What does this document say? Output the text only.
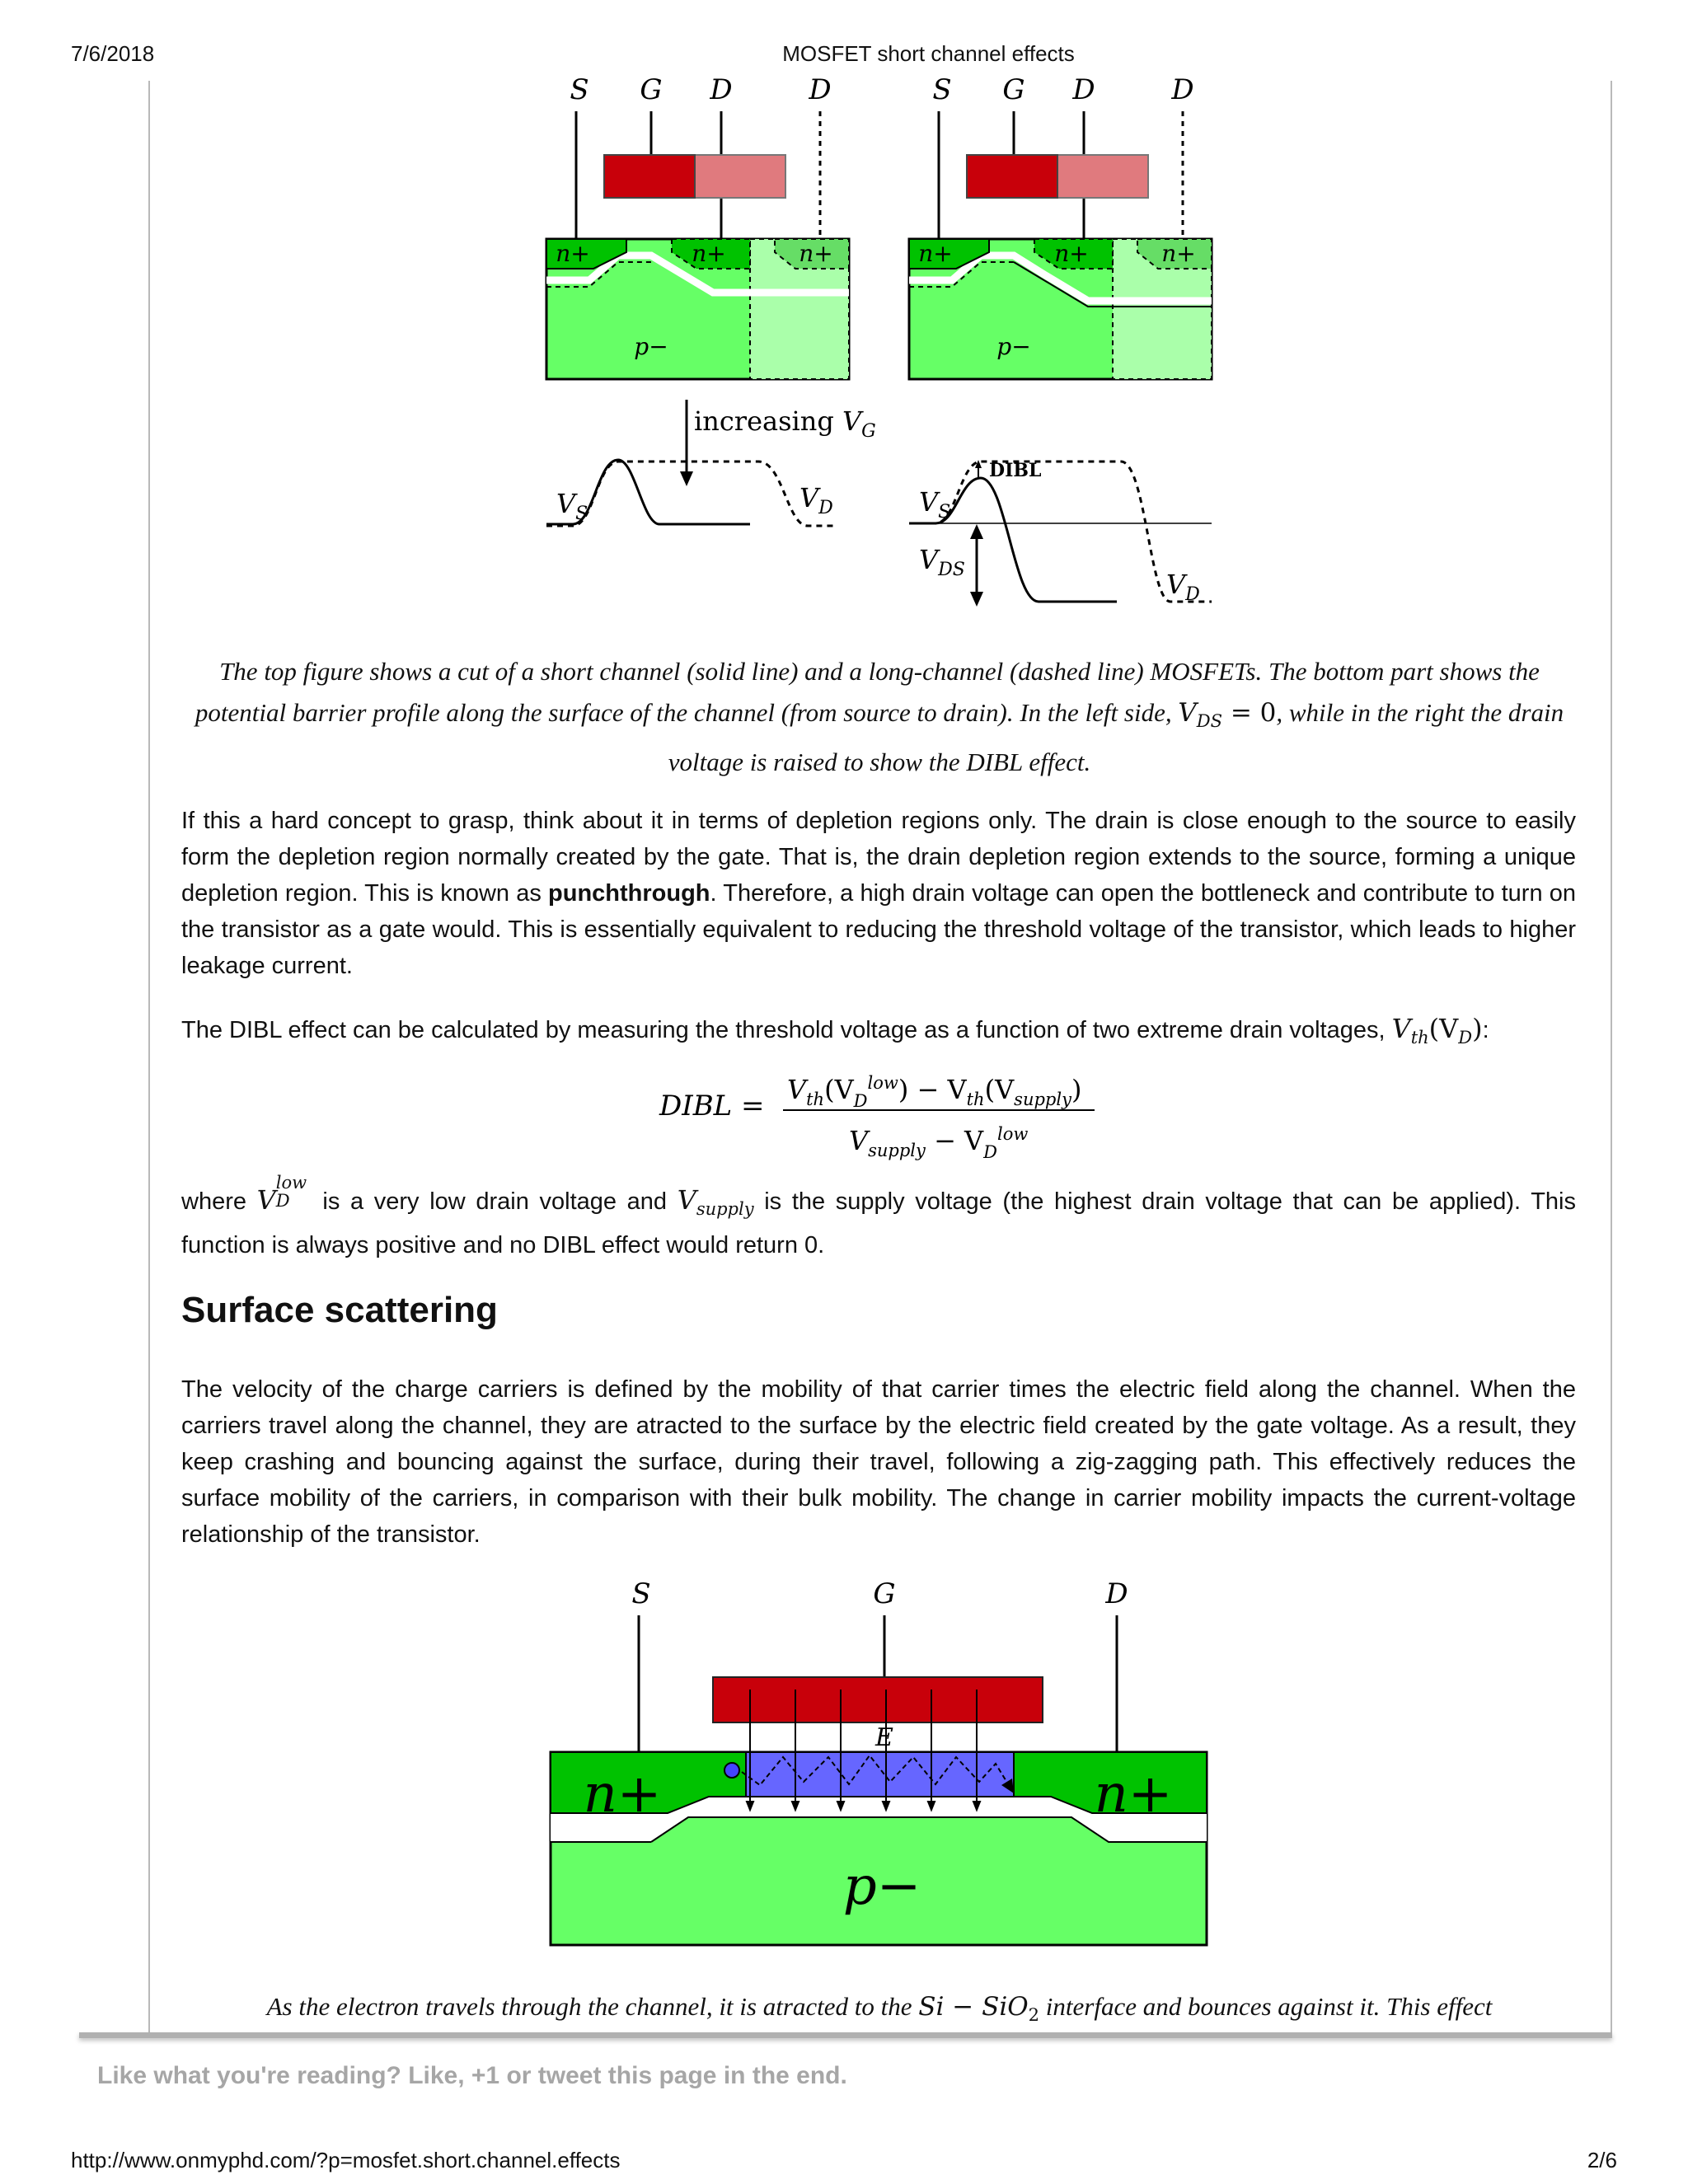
7/6/2018	MOSFET short channel effects
S G D	D
n+	n+	n+
p−
S G D	D
n+	n+	n+
p−
increasing $V_G$
$V_S$
$V_D$
DIBL
$V_S$
$V_{DS}$	$V_D$
The top figure shows a cut of a short channel (solid line) and a long-channel (dashed line) MOSFETs. The bottom part shows the potential barrier profile along the surface of the channel (from source to drain). In the left side, $V_{DS} = 0$, while in the right the drain voltage is raised to show the DIBL effect.
If this a hard concept to grasp, think about it in terms of depletion regions only. The drain is close enough to the source to easily form the depletion region normally created by the gate. That is, the drain depletion region extends to the source, forming a unique depletion region. This is known as punchthrough. Therefore, a high drain voltage can open the bottleneck and contribute to turn on the transistor as a gate would. This is essentially equivalent to reducing the threshold voltage of the transistor, which leads to higher leakage current.
The DIBL effect can be calculated by measuring the threshold voltage as a function of two extreme drain voltages, $V_{th}(V_D)$:
DIBL = $V_{th}(V_D^{low}) - V_{th}(V_{supply})$
$V_{supply} - V_D^{low}$
where V
low
D is a very low drain voltage and $V_{supply}$ is the supply voltage (the highest drain voltage that can be applied). This function is always positive and no DIBL effect would return 0.
Surface scattering
The velocity of the charge carriers is defined by the mobility of that carrier times the electric field along the channel. When the carriers travel along the channel, they are atracted to the surface by the electric field created by the gate voltage. As a result, they keep crashing and bouncing against the surface, during their travel, following a zig-zagging path. This effectively reduces the surface mobility of the carriers, in comparison with their bulk mobility. The change in carrier mobility impacts the current-voltage relationship of the transistor.
S	G	D
E
n+	n+
p−
As the electron travels through the channel, it is atracted to the Si − SiO$_2$ interface and bounces against it. This effect
Like what you're reading? Like, +1 or tweet this page in the end.
http://www.onmyphd.com/?p=mosfet.short.channel.effects	2/6
